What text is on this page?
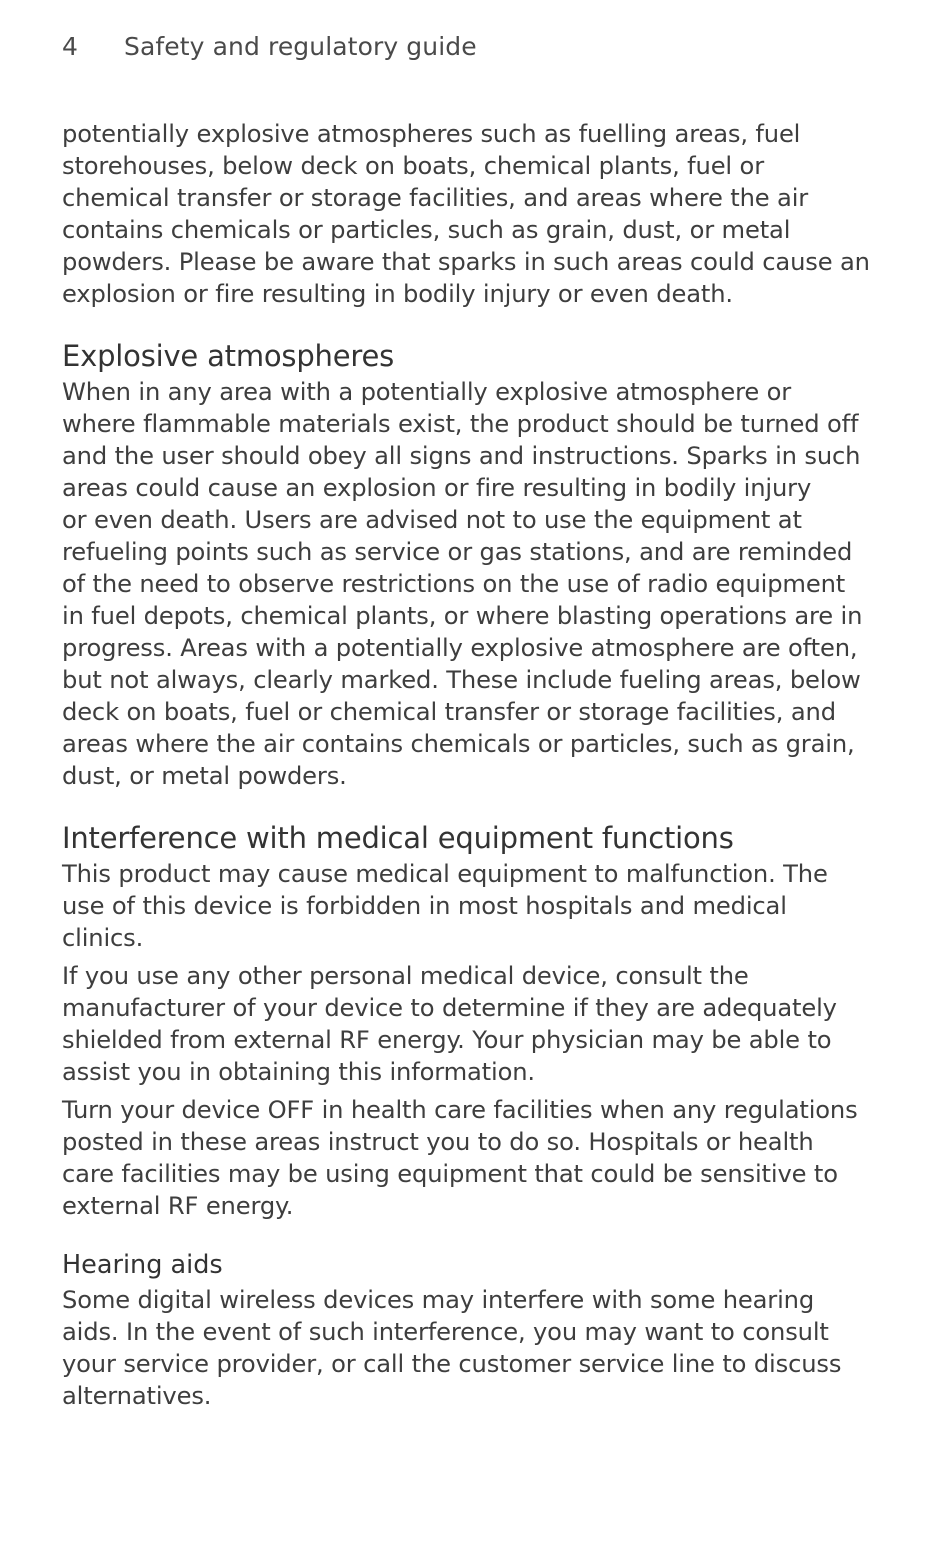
4	Safety and regulatory guide

potentially explosive atmospheres such as fuelling areas, fuel
storehouses, below deck on boats, chemical plants, fuel or
chemical transfer or storage facilities, and areas where the air
contains chemicals or particles, such as grain, dust, or metal
powders. Please be aware that sparks in such areas could cause an
explosion or fire resulting in bodily injury or even death.

Explosive atmospheres

When in any area with a potentially explosive atmosphere or
where flammable materials exist, the product should be turned off
and the user should obey all signs and instructions. Sparks in such
areas could cause an explosion or fire resulting in bodily injury
or even death. Users are advised not to use the equipment at
refueling points such as service or gas stations, and are reminded
of the need to observe restrictions on the use of radio equipment
in fuel depots, chemical plants, or where blasting operations are in
progress. Areas with a potentially explosive atmosphere are often,
but not always, clearly marked. These include fueling areas, below
deck on boats, fuel or chemical transfer or storage facilities, and
areas where the air contains chemicals or particles, such as grain,
dust, or metal powders.

Interference with medical equipment functions

This product may cause medical equipment to malfunction. The
use of this device is forbidden in most hospitals and medical
clinics.

If you use any other personal medical device, consult the
manufacturer of your device to determine if they are adequately
shielded from external RF energy. Your physician may be able to
assist you in obtaining this information.

Turn your device OFF in health care facilities when any regulations
posted in these areas instruct you to do so. Hospitals or health
care facilities may be using equipment that could be sensitive to
external RF energy.

Hearing aids

Some digital wireless devices may interfere with some hearing
aids. In the event of such interference, you may want to consult
your service provider, or call the customer service line to discuss
alternatives.
